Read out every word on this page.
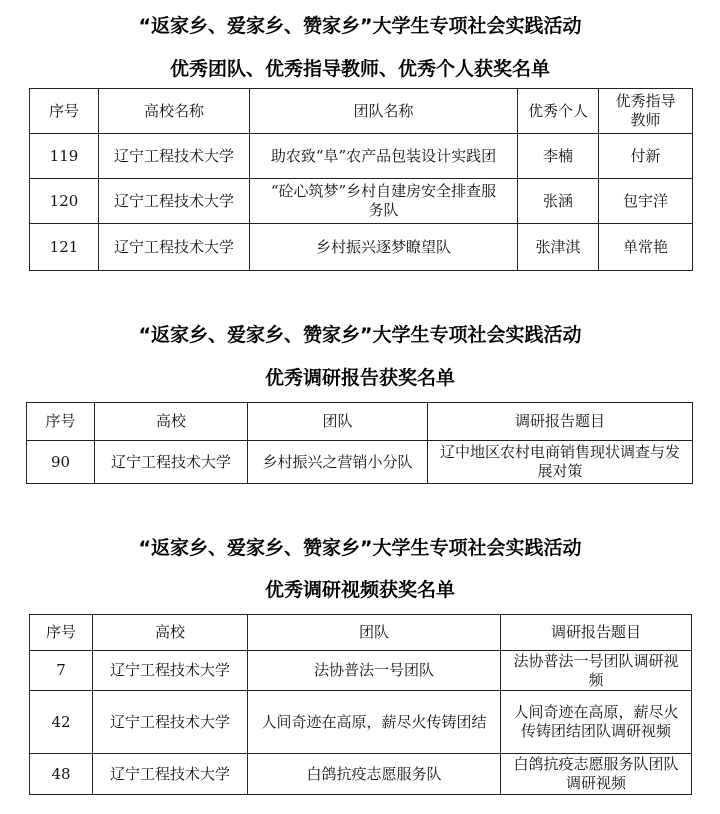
“返家乡、爱家乡、赞家乡”大学生专项社会实践活动
优秀团队、优秀指导教师、优秀个人获奖名单
序号	高校名称	团队名称	优秀个人	优秀指导教师
119	辽宁工程技术大学	助农致“阜”农产品包装设计实践团	李楠	付新
120	辽宁工程技术大学	“砼心筑梦”乡村自建房安全排查服务队	张涵	包宇洋
121	辽宁工程技术大学	乡村振兴逐梦瞭望队	张津淇	单常艳
“返家乡、爱家乡、赞家乡”大学生专项社会实践活动
优秀调研报告获奖名单
序号	高校	团队	调研报告题目
90	辽宁工程技术大学	乡村振兴之营销小分队	辽中地区农村电商销售现状调查与发展对策
“返家乡、爱家乡、赞家乡”大学生专项社会实践活动
优秀调研视频获奖名单
序号	高校	团队	调研报告题目
7	辽宁工程技术大学	法协普法一号团队	法协普法一号团队调研视频
42	辽宁工程技术大学	人间奇迹在高原，薪尽火传铸团结	人间奇迹在高原，薪尽火传铸团结团队调研视频
48	辽宁工程技术大学	白鸽抗疫志愿服务队	白鸽抗疫志愿服务队团队调研视频
